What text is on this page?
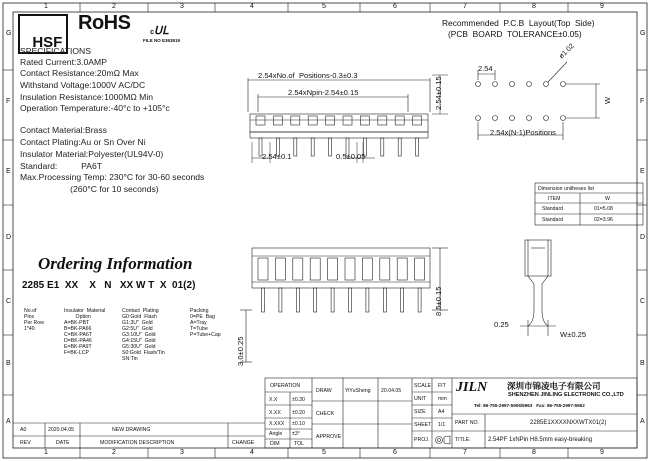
G
F
E
D
C
B
A
G
F
E
D
C
B
A
1	2	3	4	5	6	7	8	9
1	2	3	4	5	6	7	8	9

HSF

RoHS	cᑌᒪ

FILE NO E363919
SPECIFICATIONS
Rated Current:3.0AMP
Contact Resistance:20mΩ Max
Withstand Voltage:1000V AC/DC
Insulation Resistance:1000MΩ Min
Operation Temperature:-40°c to +105°c
Contact Material:Brass
Contact Plating:Au or Sn Over Ni
Insulator Material:Polyester(UL94V-0)
Standard:          PA6T
Max.Processing Temp: 230°C for 30-60 seconds
(260°C for 10 seconds)
Recommended  P.C.B  Layout(Top  Side)
(PCB  BOARD  TOLERANCE±0.05)
2.54
ø1.02
W
2.54x(N-1)Positions
2.54xNo.of  Positions-0.3±0.3
2.54xNpin-2.54±0.15	2.54±0.15
2.54±0.1	0.5±0.05
8.5±0.15
3.0±0.25
0.25
W±0.25
Dimension unitheses list
ITEM	W
Standard	01=5.08
Standard	02=3.96
Ordering Information
2285 E1  XX    X   N   XX W T  X  01(2)
No.of
Pins
Per Row
1*40
Insulator  Material
Option
A=BK-PBT
B=BK-PA66
C=BK-PA6T
D=BK-PA46
E=BK-PA9T
F=BK-LCP
Contact  Plating
G0:Gold  Flash
G1:3U"  Gold
G2:5U"  Gold
G3:10U"  Gold
G4:15U"  Gold
G5:30U"  Gold
S0:Gold  Flash/Tin
SN:Tin
Packing
0=PE  Bag
A=Tray
T=Tube
P=Tube+Cap
OPERATION
X.X	±0.30
X.XX ±0.20
X.XXX ±0.10
Angle ±3°
DIM	TOL
DRAW	YiYuSheng 20.04.05
CHECK
APPROVE
SCALE FIT
UNIT mm
SIZE A4
SHEET 1/1
PROJ.
JILN 深圳市锦凌电子有限公司
SHENZHEN JINLING ELECTRONIC CO.,LTD
Tel: 86-755-2997-5906/5963   Fax: 86-755-2997-5962
PART NO.	2285E1XXXXNXXWTX01(2)
TITLE:	2.54PF 1xNPin H8.5mm easy-breaking
A0	2020.04.05	NEW DRAWING
REV	DATE	MODIFICATION DESCRIPTION	CHANGE
